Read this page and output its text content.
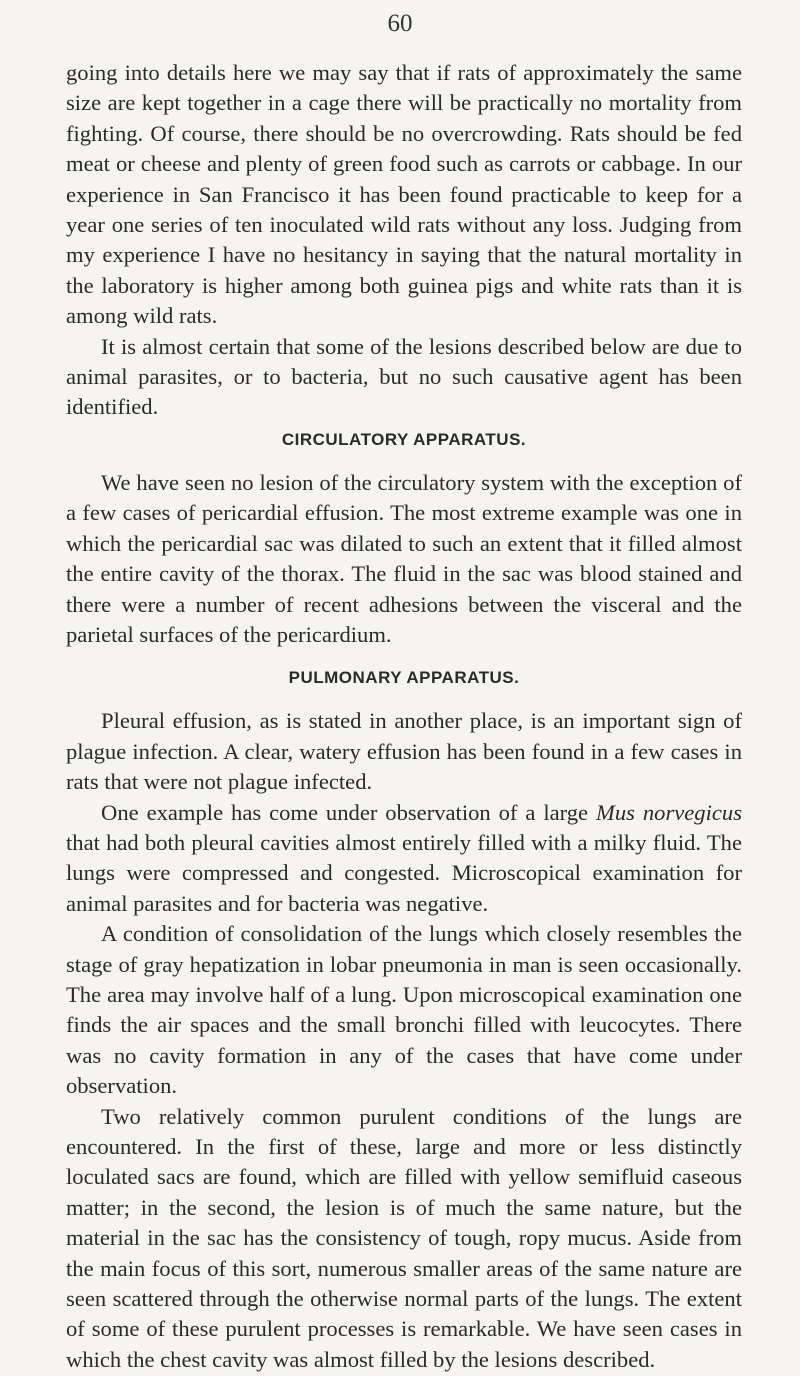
60

going into details here we may say that if rats of approximately the same size are kept together in a cage there will be practically no mortality from fighting. Of course, there should be no overcrowding. Rats should be fed meat or cheese and plenty of green food such as carrots or cabbage. In our experience in San Francisco it has been found practicable to keep for a year one series of ten inoculated wild rats without any loss. Judging from my experience I have no hesitancy in saying that the natural mortality in the laboratory is higher among both guinea pigs and white rats than it is among wild rats.

It is almost certain that some of the lesions described below are due to animal parasites, or to bacteria, but no such causative agent has been identified.

CIRCULATORY APPARATUS.

We have seen no lesion of the circulatory system with the exception of a few cases of pericardial effusion. The most extreme example was one in which the pericardial sac was dilated to such an extent that it filled almost the entire cavity of the thorax. The fluid in the sac was blood stained and there were a number of recent adhesions between the visceral and the parietal surfaces of the pericardium.

PULMONARY APPARATUS.

Pleural effusion, as is stated in another place, is an important sign of plague infection. A clear, watery effusion has been found in a few cases in rats that were not plague infected.

One example has come under observation of a large Mus norvegicus that had both pleural cavities almost entirely filled with a milky fluid. The lungs were compressed and congested. Microscopical examination for animal parasites and for bacteria was negative.

A condition of consolidation of the lungs which closely resembles the stage of gray hepatization in lobar pneumonia in man is seen occasionally. The area may involve half of a lung. Upon microscopical examination one finds the air spaces and the small bronchi filled with leucocytes. There was no cavity formation in any of the cases that have come under observation.

Two relatively common purulent conditions of the lungs are encountered. In the first of these, large and more or less distinctly loculated sacs are found, which are filled with yellow semifluid caseous matter; in the second, the lesion is of much the same nature, but the material in the sac has the consistency of tough, ropy mucus. Aside from the main focus of this sort, numerous smaller areas of the same nature are seen scattered through the otherwise normal parts of the lungs. The extent of some of these purulent processes is remarkable. We have seen cases in which the chest cavity was almost filled by the lesions described.
